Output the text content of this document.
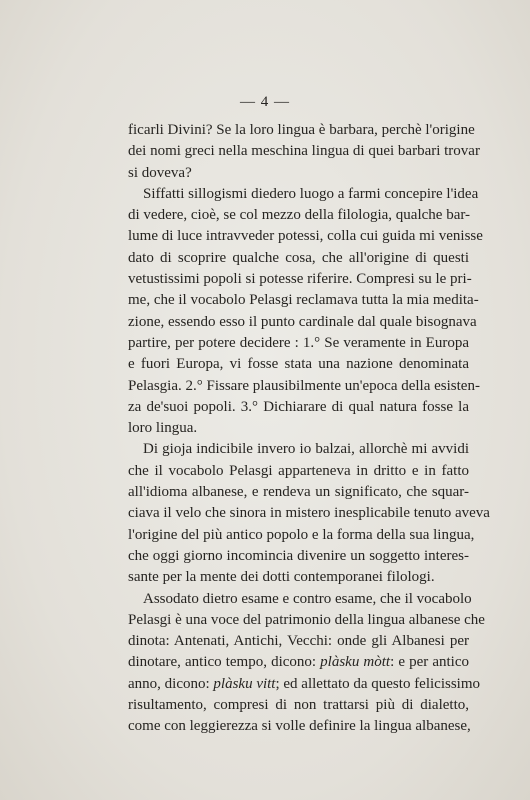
— 4 —
ficarli Divini? Se la loro lingua è barbara, perchè l'origine
dei nomi greci nella meschina lingua di quei barbari trovar
si doveva?
Siffatti sillogismi diedero luogo a farmi concepire l'idea
di vedere, cioè, se col mezzo della filologia, qualche bar-
lume di luce intravveder potessi, colla cui guida mi venisse
dato di scoprire qualche cosa, che all'origine di questi
vetustissimi popoli si potesse riferire. Compresi su le pri-
me, che il vocabolo Pelasgi reclamava tutta la mia medita-
zione, essendo esso il punto cardinale dal quale bisognava
partire, per potere decidere : 1.° Se veramente in Europa
e fuori Europa, vi fosse stata una nazione denominata
Pelasgia. 2.° Fissare plausibilmente un'epoca della esisten-
za de'suoi popoli. 3.° Dichiarare di qual natura fosse la
loro lingua.
Di gioja indicibile invero io balzai, allorchè mi avvidi
che il vocabolo Pelasgi apparteneva in dritto e in fatto
all'idioma albanese, e rendeva un significato, che squar-
ciava il velo che sinora in mistero inesplicabile tenuto aveva
l'origine del più antico popolo e la forma della sua lingua,
che oggi giorno incomincia divenire un soggetto interes-
sante per la mente dei dotti contemporanei filologi.
Assodato dietro esame e contro esame, che il vocabolo
Pelasgi è una voce del patrimonio della lingua albanese che
dinota: Antenati, Antichi, Vecchi: onde gli Albanesi per
dinotare, antico tempo, dicono: plàsku mòtt: e per antico
anno, dicono: plàsku vitt; ed allettato da questo felicissimo
risultamento, compresi di non trattarsi più di dialetto,
come con leggierezza si volle definire la lingua albanese,
